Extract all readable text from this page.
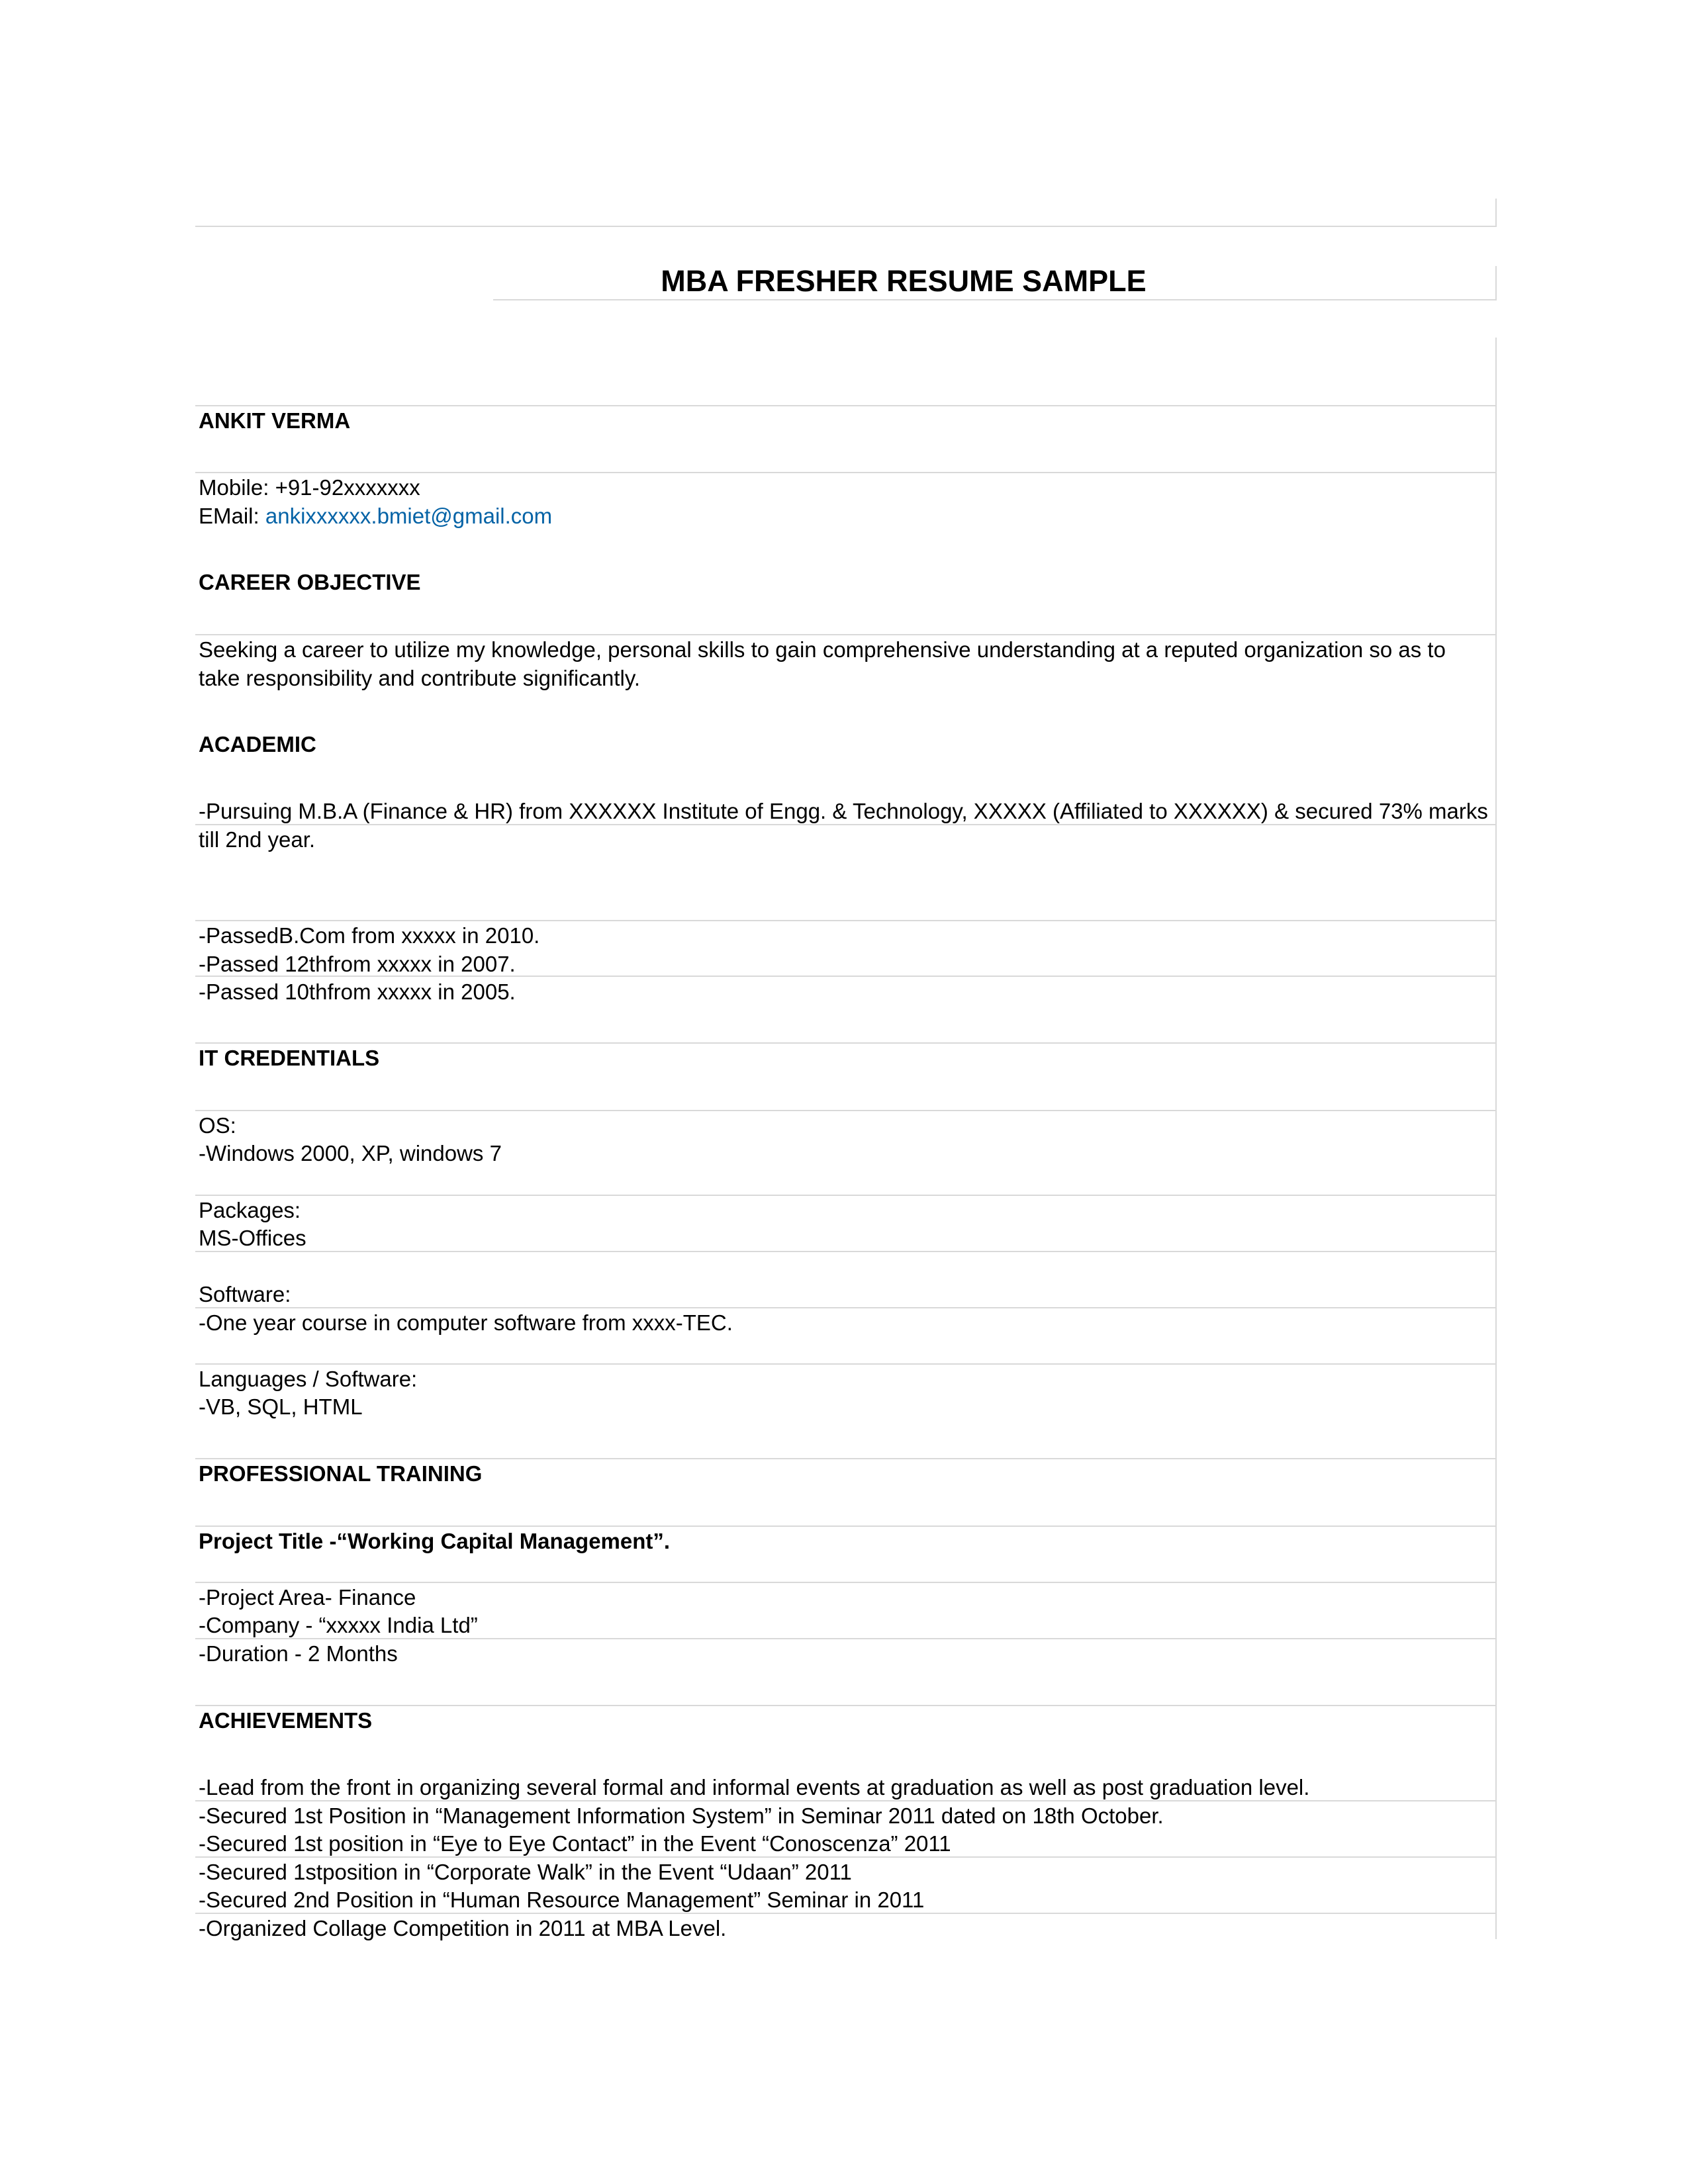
MBA FRESHER RESUME SAMPLE

ANKIT VERMA

Mobile: +91-92xxxxxxx

EMail: ankixxxxxx.bmiet@gmail.com

CAREER OBJECTIVE

Seeking a career to utilize my knowledge, personal skills to gain comprehensive understanding at a reputed organization so as to take responsibility and contribute significantly.

ACADEMIC

-Pursuing M.B.A (Finance & HR) from XXXXXX Institute of Engg. & Technology, XXXXX (Affiliated to XXXXXX) & secured 73% marks till 2nd year.

-PassedB.Com from xxxxx in 2010.

-Passed 12thfrom xxxxx in 2007.

-Passed 10thfrom xxxxx in 2005.

IT CREDENTIALS

OS:

-Windows 2000, XP, windows 7

Packages:

MS-Offices

Software:

-One year course in computer software from xxxx-TEC.

Languages / Software:

-VB, SQL, HTML

PROFESSIONAL TRAINING

Project Title -“Working Capital Management”.

-Project Area- Finance

-Company - “xxxxx India Ltd”

-Duration - 2 Months

ACHIEVEMENTS

-Lead from the front in organizing several formal and informal events at graduation as well as post graduation level.

-Secured 1st Position in “Management Information System” in Seminar 2011 dated on 18th October.

-Secured 1st position in “Eye to Eye Contact” in the Event “Conoscenza” 2011

-Secured 1stposition in “Corporate Walk” in the Event “Udaan” 2011

-Secured 2nd Position in “Human Resource Management” Seminar in 2011

-Organized Collage Competition in 2011 at MBA Level.
